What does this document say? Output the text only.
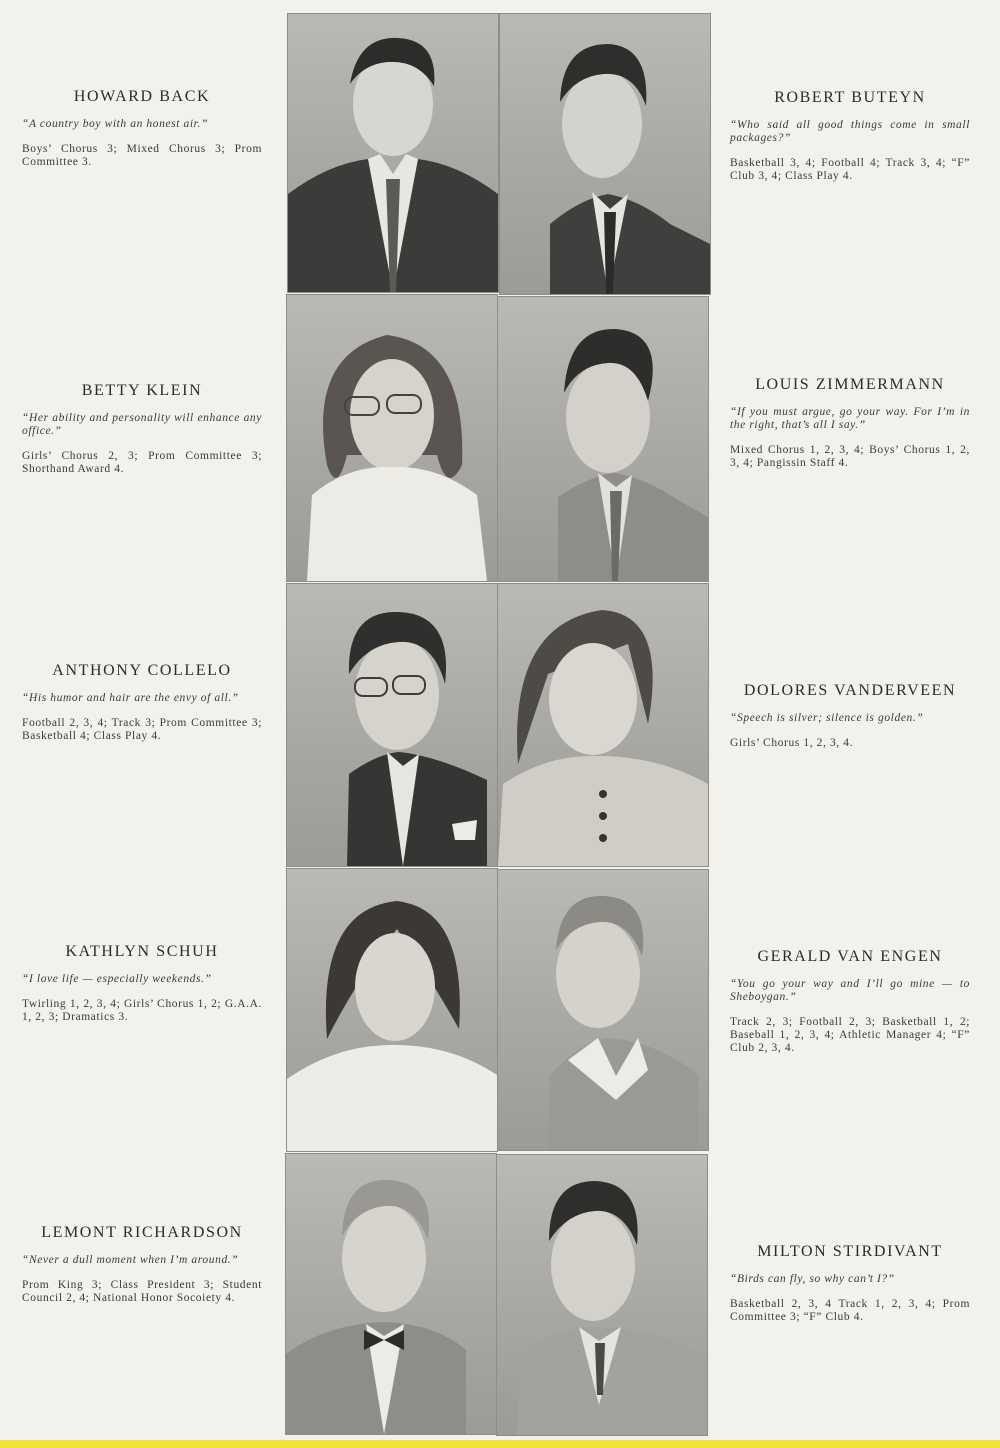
HOWARD BACK

“A country boy with an honest air.”

Boys’ Chorus 3; Mixed Chorus 3; Prom Committee 3.

ROBERT BUTEYN

“Who said all good things come in small packages?”

Basketball 3, 4; Football 4; Track 3, 4; “F” Club 3, 4; Class Play 4.

BETTY KLEIN

“Her ability and personality will enhance any office.”

Girls’ Chorus 2, 3; Prom Committee 3; Shorthand Award 4.

LOUIS ZIMMERMANN

“If you must argue, go your way. For I’m in the right, that’s all I say.”

Mixed Chorus 1, 2, 3, 4; Boys’ Chorus 1, 2, 3, 4; Pangissin Staff 4.

ANTHONY COLLELO

“His humor and hair are the envy of all.”

Football 2, 3, 4; Track 3; Prom Committee 3; Basketball 4; Class Play 4.

DOLORES VANDERVEEN

“Speech is silver; silence is golden.”

Girls’ Chorus 1, 2, 3, 4.

KATHLYN SCHUH

“I love life — especially weekends.”

Twirling 1, 2, 3, 4; Girls’ Chorus 1, 2; G.A.A. 1, 2, 3; Dramatics 3.

GERALD VAN ENGEN

“You go your way and I’ll go mine — to Sheboygan.”

Track 2, 3; Football 2, 3; Basketball 1, 2; Baseball 1, 2, 3, 4; Athletic Manager 4; “F” Club 2, 3, 4.

LEMONT RICHARDSON

“Never a dull moment when I’m around.”

Prom King 3; Class President 3; Student Council 2, 4; National Honor Socoiety 4.

MILTON STIRDIVANT

“Birds can fly, so why can’t I?”

Basketball 2, 3, 4 Track 1, 2, 3, 4; Prom Committee 3; “F” Club 4.
